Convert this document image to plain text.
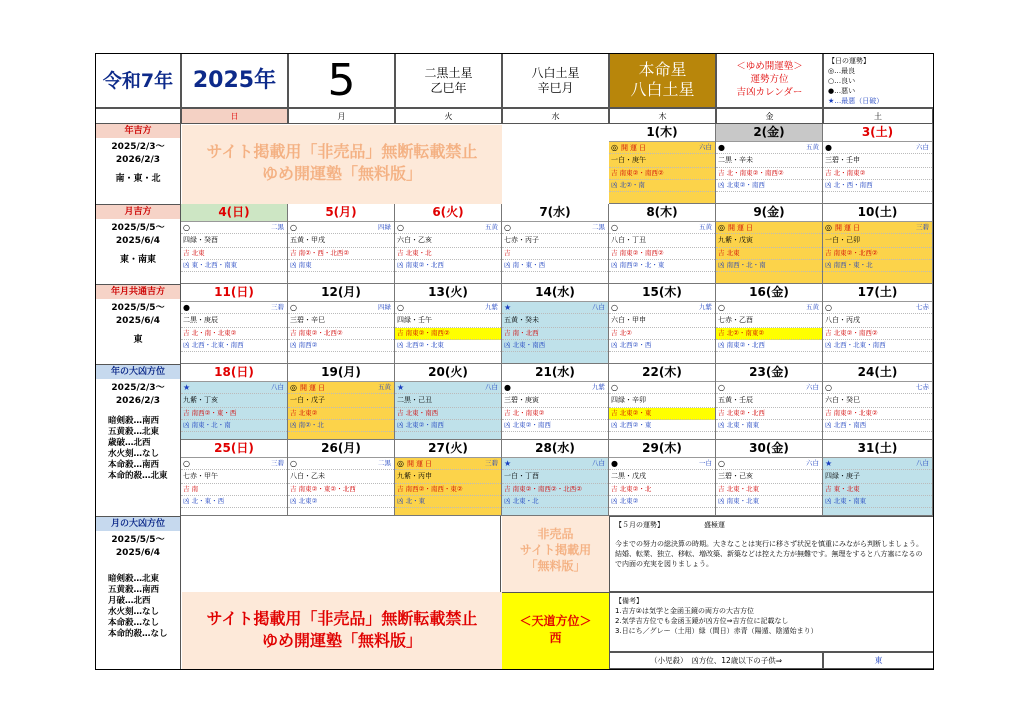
令和7年 2025年	5	二黒土星
乙巳年
八白土星
辛巳月
本命星
八白土星
＜ゆめ開運塾＞
運勢方位
吉凶カレンダー
【日の運勢】
◎…最良
○…良い
●…悪い
★…最悪（日破）
日	月	火	水	木	金	土
年吉方
2025/2/3～
2026/2/3
南・東・北
月吉方
2025/5/5～
2025/6/4
東・南東
年月共通吉方
2025/5/5～
2025/6/4
東
年の大凶方位
2025/2/3～
2026/2/3
暗剣殺…南西
五黄殺…北東
歳破…北西
水火刻…なし
本命殺…南西
本命的殺…北東
月の大凶方位
2025/5/5～
2025/6/4
暗剣殺…北東
五黄殺…南西
月破…北西
水火刻…なし
本命殺…なし
本命的殺…なし
1(木)
◎ 開運日	六白
一白・庚午
吉 南東②・南西②
凶 北②・南
2(金)
●	五黄
二黒・辛未
吉 北・南東②・南西②
凶 北東②・南西
3(土)
●	六白
三碧・壬申
吉 北・南東②
凶 北・西・南西
4(日)
○	二黒
四緑・癸酉
吉 北東
凶 東・北西・南東
5(月)
○	四緑
五黄・甲戌
吉 南②・西・北西②
凶 南東
6(火)
○	五黄
六白・乙亥
吉 北東・北
凶 南東②・北西
7(水)
○	二黒
七赤・丙子
吉
凶 南・東・西
8(木)
○	五黄
八白・丁丑
吉 南東②・南西②
凶 南西②・北・東
9(金)
◎ 開運日
九紫・戊寅
吉 北東
凶 南西・北・南
10(土)
◎ 開運日	三碧
一白・己卯
吉 南東②・北西②
凶 南西・東・北
11(日)
●	三碧
二黒・庚辰
吉 北・南・北東②
凶 北西・北東・南西
12(月)
○	四緑
三碧・辛巳
吉 南東②・北西②
凶 南西②
13(火)
○	九紫
四緑・壬午
吉 南東②・南西②
凶 北西②・北東
14(水)
★	八白
五黄・癸未
吉 南・北西
凶 北東・南西
15(木)
○	九紫
六白・甲申
吉 北②
凶 北西②・西
16(金)
○	五黄
七赤・乙酉
吉 北②・南東②
凶 南東②・北西
17(土)
○	七赤
八白・丙戌
吉 北東②・南西②
凶 北西・北東・南西
18(日)
★	八白
九紫・丁亥
吉 南西②・東・西
凶 南東・北・南
19(月)
◎ 開運日	五黄
一白・戊子
吉 北東②
凶 南②・北
20(火)
★	八白
二黒・己丑
吉 北東・南西
凶 北東②・南西
21(水)
●	九紫
三碧・庚寅
吉 北・南東②
凶 北東②・南西
22(木)
○
四緑・辛卯
吉 北東②・東
凶 北西②・東
23(金)
○	六白
五黄・壬辰
吉 北東②・北西
凶 北東・南東
24(土)
○	七赤
六白・癸巳
吉 南東②・北東②
凶 北西・南西
25(日)
○	三碧
七赤・甲午
吉 南
凶 北・東・西
26(月)
○	二黒
八白・乙未
吉 南東②・東②・北西
凶 北東②
27(火)
◎ 開運日	三碧
九紫・丙申
吉 南西②・南西・東②
凶 北・東
28(水)
★	八白
一白・丁酉
吉 南東②・南西②・北西②
凶 北東・北
29(木)
●	一白
二黒・戊戌
吉 北東②・北
凶 北東②
30(金)
○	六白
三碧・己亥
吉 北東・北東
凶 南東・北東
31(土)
★	八白
四緑・庚子
吉 東・北東
凶 北東・南東
サイト掲載用「非売品」無断転載禁止
ゆめ開運塾「無料版」
サイト掲載用「非売品」無断転載禁止
ゆめ開運塾「無料版」
非売品
サイト掲載用
「無料版」
＜天道方位＞
西
【５月の運勢】	盛極運
今までの努力の総決算の時期。大きなことは実行に移さず状況を慎重にみながら判断しましょう。結婚、転業、独立、移転、増改築、新築などは控えた方が無難です。無理をすると八方塞になるので内面の充実を図りましょう。
【備考】
1.吉方②は気学と金函玉鏡の両方の大吉方位
2.気学吉方位でも金函玉鏡が凶方位⇒吉方位に記載なし
3.日にち／グレー（土用）緑（間日）赤青（陽遁、陰遁始まり）
（小児殺）　凶方位、12歳以下の子供⇒	東
